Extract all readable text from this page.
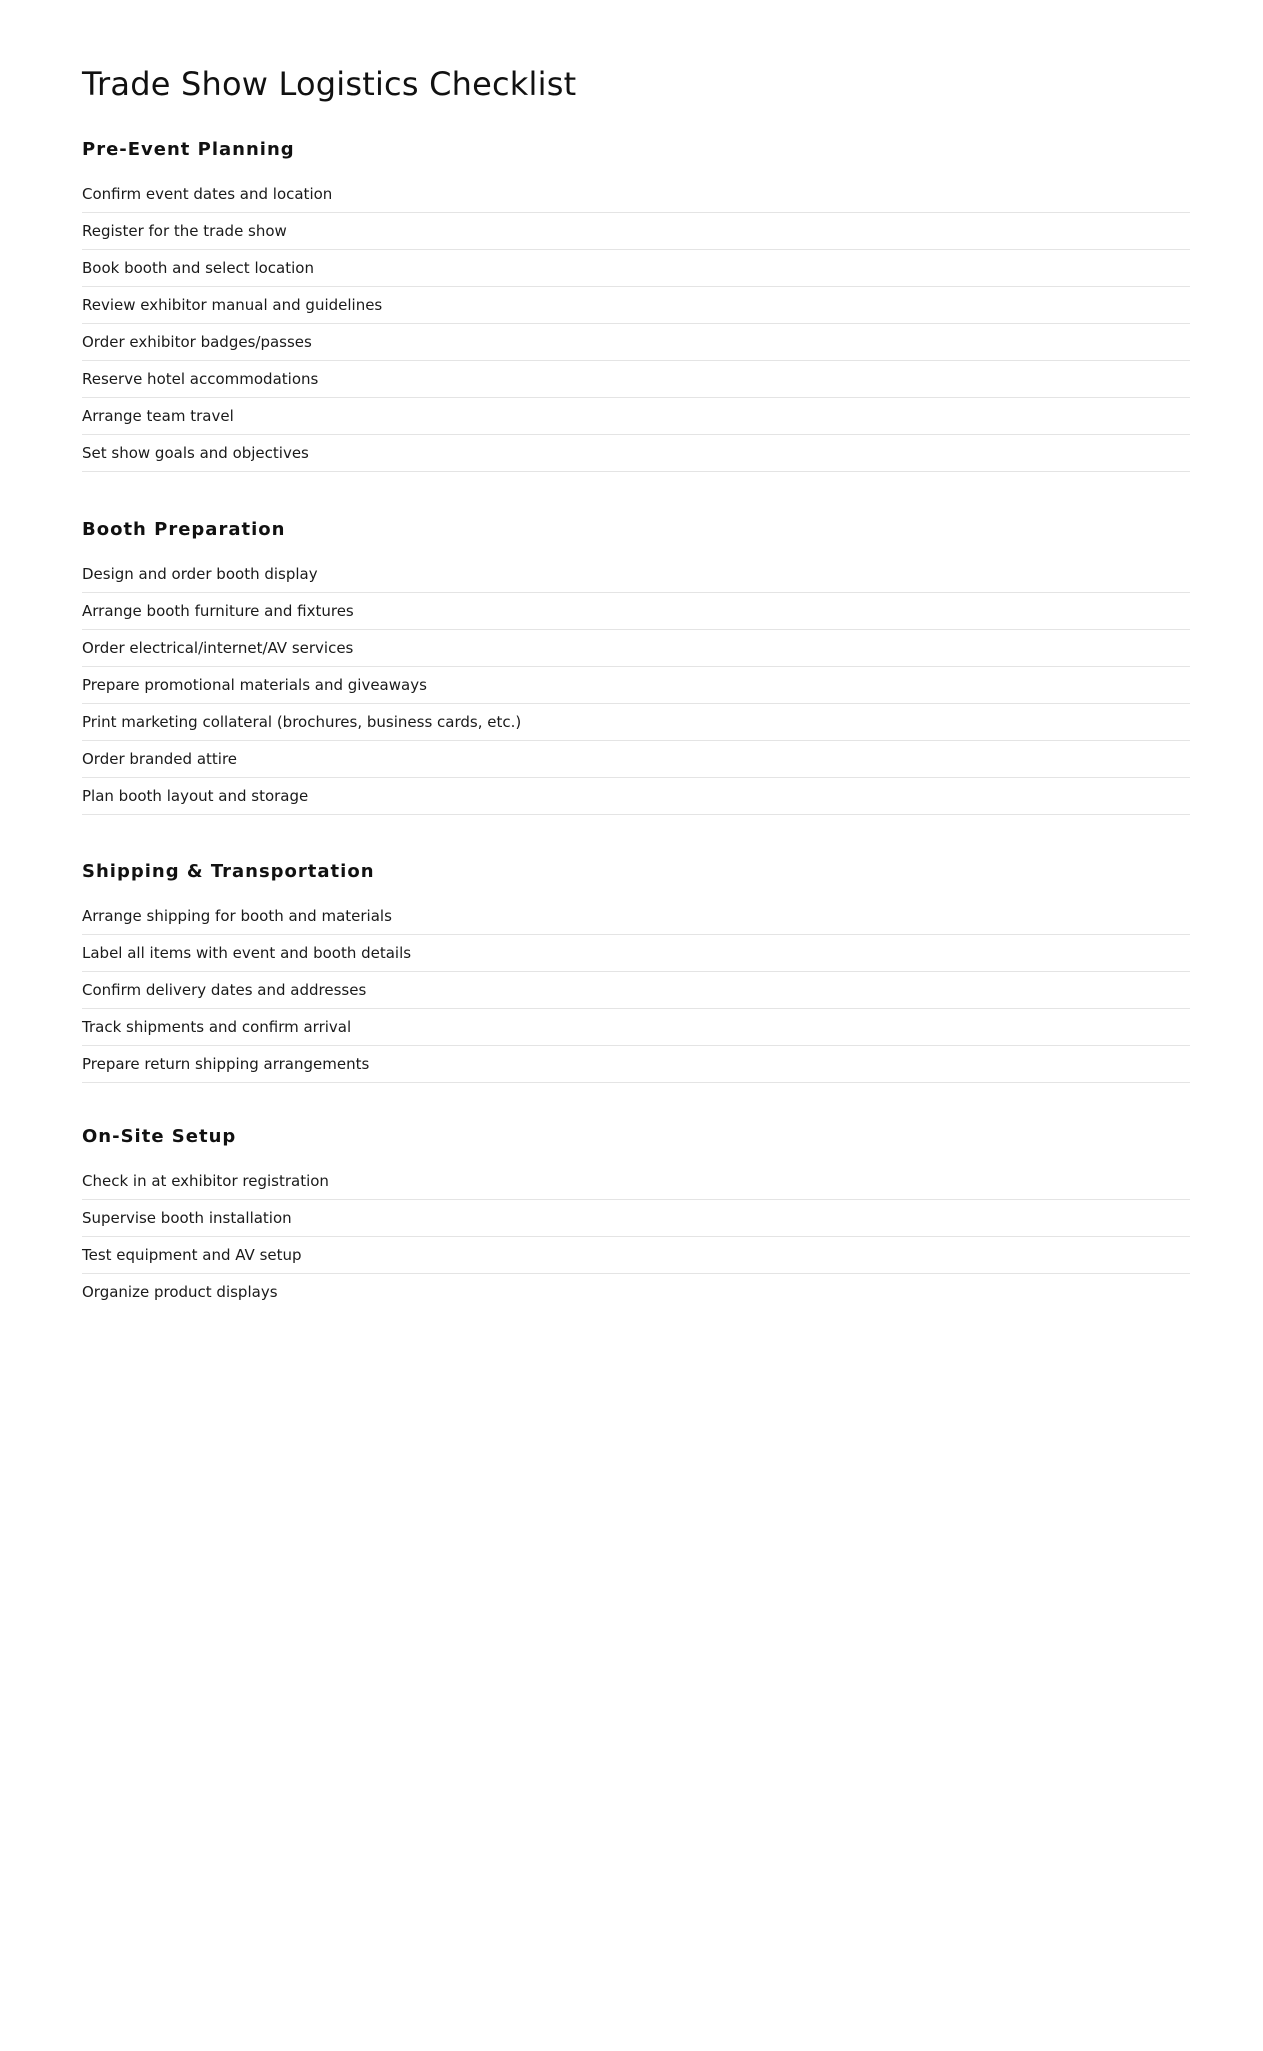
Trade Show Logistics Checklist
Pre-Event Planning
Confirm event dates and location
Register for the trade show
Book booth and select location
Review exhibitor manual and guidelines
Order exhibitor badges/passes
Reserve hotel accommodations
Arrange team travel
Set show goals and objectives
Booth Preparation
Design and order booth display
Arrange booth furniture and fixtures
Order electrical/internet/AV services
Prepare promotional materials and giveaways
Print marketing collateral (brochures, business cards, etc.)
Order branded attire
Plan booth layout and storage
Shipping & Transportation
Arrange shipping for booth and materials
Label all items with event and booth details
Confirm delivery dates and addresses
Track shipments and confirm arrival
Prepare return shipping arrangements
On-Site Setup
Check in at exhibitor registration
Supervise booth installation
Test equipment and AV setup
Organize product displays
